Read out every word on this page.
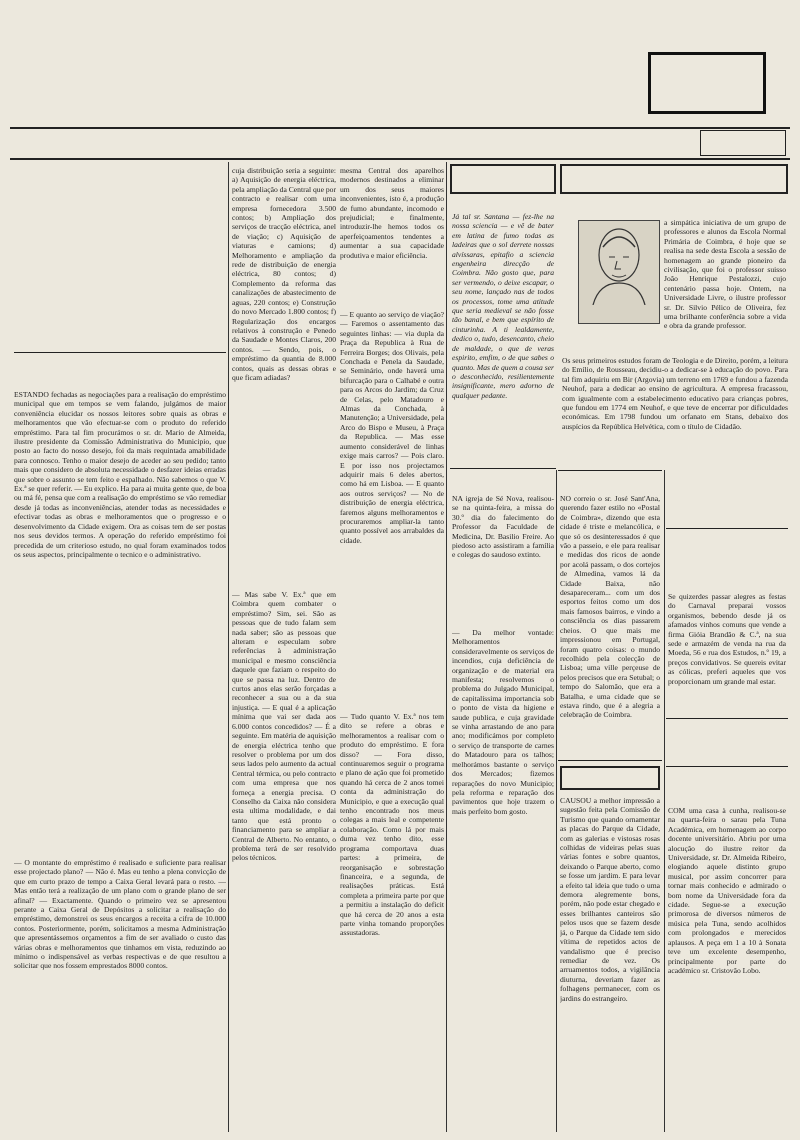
ESTANDO fechadas as negociações para a realisação do empréstimo municipal que em tempos se vem falando, julgámos de maior conveniência elucidar os nossos leitores sobre quais as obras e melhoramentos que vão efectuar-se com o produto do referido empréstimo. Para tal fim procurámos o sr. dr. Mario de Almeida, ilustre presidente da Comissão Administrativa do Municipio, que posto ao facto do nosso desejo, foi da mais requintada amabilidade para connosco. Tenho o maior desejo de aceder ao seu pedido; tanto mais que considero de absoluta necessidade o desfazer ideias erradas que sobre o assunto se tem feito e espalhado. Não sabemos o que V. Ex.ª se quer referir. — Eu explico. Ha para ai muita gente que, de boa ou má fé, pensa que com a realisação do empréstimo se vão remediar desde já todas as inconveniências, atender todas as necessidades e efectivar todas as obras e melhoramentos que o progresso e o desenvolvimento da Cidade exigem. Ora as coisas tem de ser postas nos seus devidos termos. A operação do referido empréstimo foi precedida de um criterioso estudo, no qual foram examinados todos os seus aspectos, principalmente o tecnico e o administrativo.
— O montante do empréstimo é realisado e suficiente para realisar esse projectado plano? — Não é. Mas eu tenho a plena convicção de que em curto prazo de tempo a Caixa Geral levará para o resto. — Mas então terá a realização de um plano com o grande plano de ser afinal? — Exactamente. Quando o primeiro vez se apresentou perante a Caixa Geral de Depósitos a solicitar a realisação do empréstimo, demonstrei os seus encargos a receita a cifra de 10.000 contos. Posteriormente, porém, solicitamos a mesma Administração que apresentássemos orçamentos a fim de ser avaliado o custo das várias obras e melhoramentos que tinhamos em vista, reduzindo ao mínimo o indispensável as verbas respectivas e de que resultou a solicitar que nos fossem emprestados 8000 contos.
cuja distribuição seria a seguinte: a) Aquisição de energia eléctrica, pela ampliação da Central que por contracto e realisar com uma empresa fornecedora 3.500 contos; b) Ampliação dos serviços de tracção eléctrica, anel de viação; c) Aquisição de viaturas e camions; d) Melhoramento e ampliação da rede de distribuição de energia eléctrica, 80 contos; d) Complemento da reforma das canalizações de abastecimento de aguas, 220 contos; e) Construção do novo Mercado 1.800 contos; f) Regularização dos encargos relativos à construção e Penedo da Saudade e Montes Claros, 200 contos. — Sendo, pois, o empréstimo da quantia de 8.000 contos, quais as dessas obras e que ficam adiadas?
— Mas sabe V. Ex.ª que em Coimbra quem combater o empréstimo? Sim, sei. São as pessoas que de tudo falam sem nada saber; são as pessoas que alteram e especulam sobre referências à administração municipal e mesmo consciência daquele que faziam o respeito do que se passa na luz. Dentro de curtos anos elas serão forçadas a reconhecer a sua ou a da sua injustiça. — E qual é a aplicação mínima que vai ser dada aos 6.000 contos concedidos? — É a seguinte. Em matéria de aquisição de energia eléctrica tenho que resolver o problema por um dos seus lados pelo aumento da actual Central térmica, ou pelo contracto com uma empresa que nos forneça a energia precisa. O Conselho da Caixa não considera esta ultima modalidade, e dai tanto que está pronto o financiamento para se ampliar a Central de Alberto. No entanto, o problema terá de ser resolvido pelos técnicos.
mesma Central dos aparelhos modernos destinados a eliminar um dos seus maiores inconvenientes, isto é, a produção de fumo abundante, incomodo e prejudicial; e finalmente, introduzir-lhe hemos todos os aperfeiçoamentos tendentes a aumentar a sua capacidade produtiva e maior eficiência.
— E quanto ao serviço de viação? — Faremos o assentamento das seguintes linhas: — via dupla da Praça da Republica à Rua de Ferreira Borges; dos Olivais, pela Conchada e Penela da Saudade, se Seminário, onde haverá uma bifurcação para o Calhabé e outra para os Arcos do Jardim; da Cruz de Celas, pelo Matadouro e Almas da Conchada, à Manutenção; a Universidade, pela Arco do Bispo e Museu, à Praça da Republica. — Mas esse aumento considerável de linhas exige mais carros? — Pois claro. E por isso nos projectamos adquirir mais 6 deles abertos, como há em Lisboa. — E quanto aos outros serviços? — No de distribuição de energia eléctrica, faremos alguns melhoramentos e procuraremos ampliar-la tanto quanto possível aos arrabaldes da cidade.
— Tudo quanto V. Ex.ª nos tem dito se refere a obras e melhoramentos a realisar com o produto do empréstimo. E fora disso? — Fora disso, continuaremos seguir o programa e plano de ação que foi prometido quando há cerca de 2 anos tomei conta da administração do Municipio, e que a execução qual tenho encontrado nos meus colegas a mais leal e competente colaboração. Como lá por mais duma vez tenho dito, esse programa comportava duas partes: a primeira, de reorganisação e sobrestação financeira, e a segunda, de realisações práticas. Está completa a primeira parte por que a permitiu a instalação do deficit que há cerca de 20 anos a esta parte vinha tomando proporções assustadoras.
Já tal sr. Santana — fez-lhe na nossa sciencia — e vê de bater em latina de fumo todas as ladeiras que o sol derrete nossas alvíssaras, epitafio a sciencia engenheira direcção de Coimbra. Não gosto que, para ser vermendo, o deixe escapar, o seu nome, lançado nas de todos os processos, tome uma atitude que seria medieval se não fosse tão banal, e bem que espírito de cinturinha. A ti lealdamente, dedico o, tudo, desencanto, cheio de maldade, o que de veras espirito, emfim, o de que sabes o quanto. Mas de quem a cousa ser o desconhecido, resilientemente insignificante, mero adorno de qualquer pedante.
NA igreja de Sé Nova, realisou-se na quinta-feira, a missa do 30.º dia do falecimento do Professor da Faculdade de Medicina, Dr. Basilio Freire. Ao piedoso acto assistiram a família e colegas do saudoso extinto.
— Da melhor vontade: Melhoramentos consideravelmente os serviços de incendios, cuja deficiência de organização e de material era manifesta; resolvemos o problema do Julgado Municipal, de capitalíssima importancia sob o ponto de vista da higiene e saude publica, e cuja gravidade se vinha arrastando de ano para ano; modificámos por completo o serviço de transporte de carnes do Matadouro para os talhos; melhorámos bastante o serviço dos Mercados; fizemos reparações do novo Municipio; pela reforma e reparação dos pavimentos que hoje trazem o mais perfeito bom gosto.
a simpática iniciativa de um grupo de professores e alunos da Escola Normal Primária de Coimbra, é hoje que se realisa na sede desta Escola a sessão de homenagem ao grande pioneiro da civilisação, que foi o professor suisso João Henrique Pestalozzi, cujo centenário passa hoje. Ontem, na Universidade Livre, o ilustre professor sr. Dr. Silvio Pélico de Oliveira, fez uma brilhante conferência sobre a vida e obra da grande professor.
Os seus primeiros estudos foram de Teologia e de Direito, porém, a leitura do Emílio, de Rousseau, decidiu-o a dedicar-se à educação do povo. Para tal fim adquiriu em Bir (Argovia) um terreno em 1769 e fundou a fazenda Neuhof, para a dedicar ao ensino de agricultura. A empresa fracassou, com igualmente com a estabelecimento educativo para crianças pobres, que fundou em 1774 em Neuhof, e que teve de encerrar por dificuldades económicas. Em 1798 fundou um orfanato em Stans, debaixo dos auspícios da República Helvética, com o título de Cidadão.
NO correio o sr. José Sant'Ana, querendo fazer estilo no «Postal de Coimbra», dizendo que esta cidade é triste e melancólica, e que só os desinteressados é que vão a passeio, e ele para realisar e medidas dos ricos de aonde por acolá passam, o dos cortejos de Almedina, vamos lá da Cidade Baixa, não desapareceram... com um dos esportos feitos como um dos mais famosos bairros, e vindo a consciência os dias passarem cheios. O que mais me impressionou em Portugal, foram quatro coisas: o mundo recolhido pela colecção de Lisboa; uma ville perçeuse de pelos precisos que era Setubal; o tempo do Salomão, que era a Batalha, e uma cidade que se estava rindo, que é a alegria a celebração de Coimbra.
CAUSOU a melhor impressão a sugestão feita pela Comissão de Turismo que quando ornamentar as placas do Parque da Cidade, com as galerias e vistosas rosas colhidas de videiras pelas suas várias fontes e sobre quantos, deixando o Parque aberto, como se fosse um jardim. E para levar a efeito tal ideia que tudo o uma demora alegremente bons, porém, não pode estar chegado e esses brilhantes canteiros são pelos usos que se fazem desde já, o Parque da Cidade tem sido vítima de repetidos actos de vandalismo que é preciso remediar de vez. Os arruamentos todos, a vigilância diuturna, deveriam fazer as folhagens permanecer, com os jardins do estrangeiro.
Se quizerdes passar alegres as festas do Carnaval preparai vossos organismos, bebendo desde já os afamados vinhos comuns que vende a firma Gióia Brandão & C.ª, na sua sede e armazém de venda na rua da Moeda, 56 e rua dos Estudos, n.º 19, a preços convidativos. Se quereis evitar as cólicas, preferi aqueles que vos proporcionam um grande mal estar.
COM uma casa à cunha, realisou-se na quarta-feira o sarau pela Tuna Académica, em homenagem ao corpo docente universitário. Abriu por uma alocução do ilustre reitor da Universidade, sr. Dr. Almeida Ribeiro, elogiando aquele distinto grupo musical, por assim concorrer para tornar mais conhecido e admirado o bom nome da Universidade fora da cidade. Segue-se a execução primorosa de diversos números de música pela Tuna, sendo acolhidos com prolongados e merecidos aplausos. A peça em 1 a 10 à Sonata teve um excelente desempenho, principalmente por parte do académico sr. Cristovão Lobo.
